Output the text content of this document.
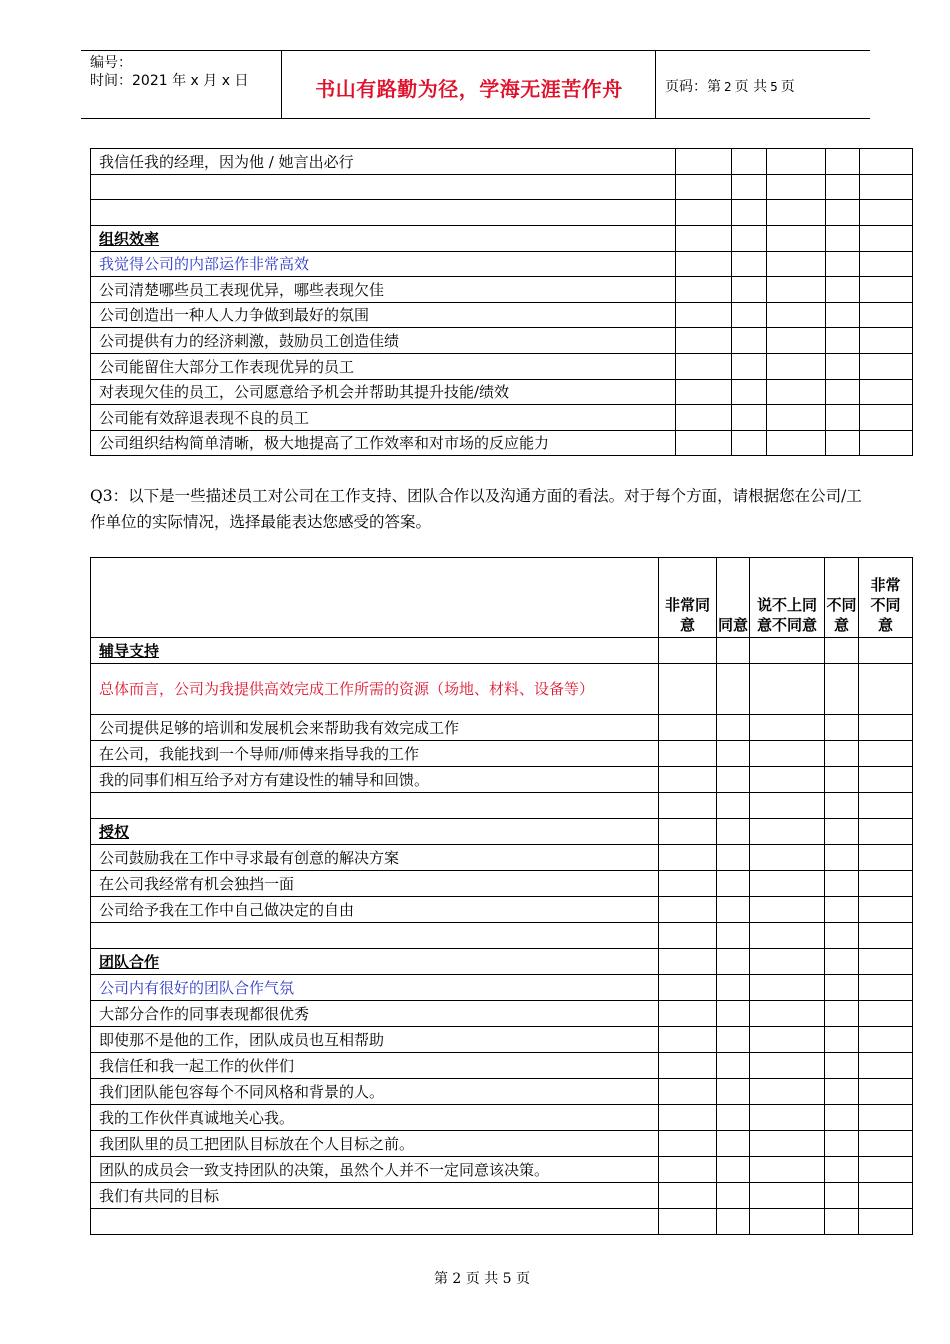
编号：
时间：2021 年 x 月 x 日	书山有路勤为径，学海无涯苦作舟	页码：第 2 页 共 5 页
我信任我的经理，因为他 / 她言出必行					

组织效率					
我觉得公司的内部运作非常高效					
公司清楚哪些员工表现优异，哪些表现欠佳					
公司创造出一种人人力争做到最好的氛围					
公司提供有力的经济刺激，鼓励员工创造佳绩					
公司能留住大部分工作表现优异的员工					
对表现欠佳的员工，公司愿意给予机会并帮助其提升技能/绩效					
公司能有效辞退表现不良的员工					
公司组织结构简单清晰，极大地提高了工作效率和对市场的反应能力					
Q3：以下是一些描述员工对公司在工作支持、团队合作以及沟通方面的看法。对于每个方面，请根据您在公司/工作单位的实际情况，选择最能表达您感受的答案。
	非常同意	同意	说不上同意不同意	不同意	非常不同意
辅导支持					
总体而言，公司为我提供高效完成工作所需的资源（场地、材料、设备等）					
公司提供足够的培训和发展机会来帮助我有效完成工作					
在公司，我能找到一个导师/师傅来指导我的工作					
我的同事们相互给予对方有建设性的辅导和回馈。					

授权					
公司鼓励我在工作中寻求最有创意的解决方案					
在公司我经常有机会独挡一面					
公司给予我在工作中自己做决定的自由					

团队合作					
公司内有很好的团队合作气氛					
大部分合作的同事表现都很优秀					
即使那不是他的工作，团队成员也互相帮助					
我信任和我一起工作的伙伴们					
我们团队能包容每个不同风格和背景的人。					
我的工作伙伴真诚地关心我。					
我团队里的员工把团队目标放在个人目标之前。					
团队的成员会一致支持团队的决策，虽然个人并不一定同意该决策。					
我们有共同的目标					

第 2 页 共 5 页
